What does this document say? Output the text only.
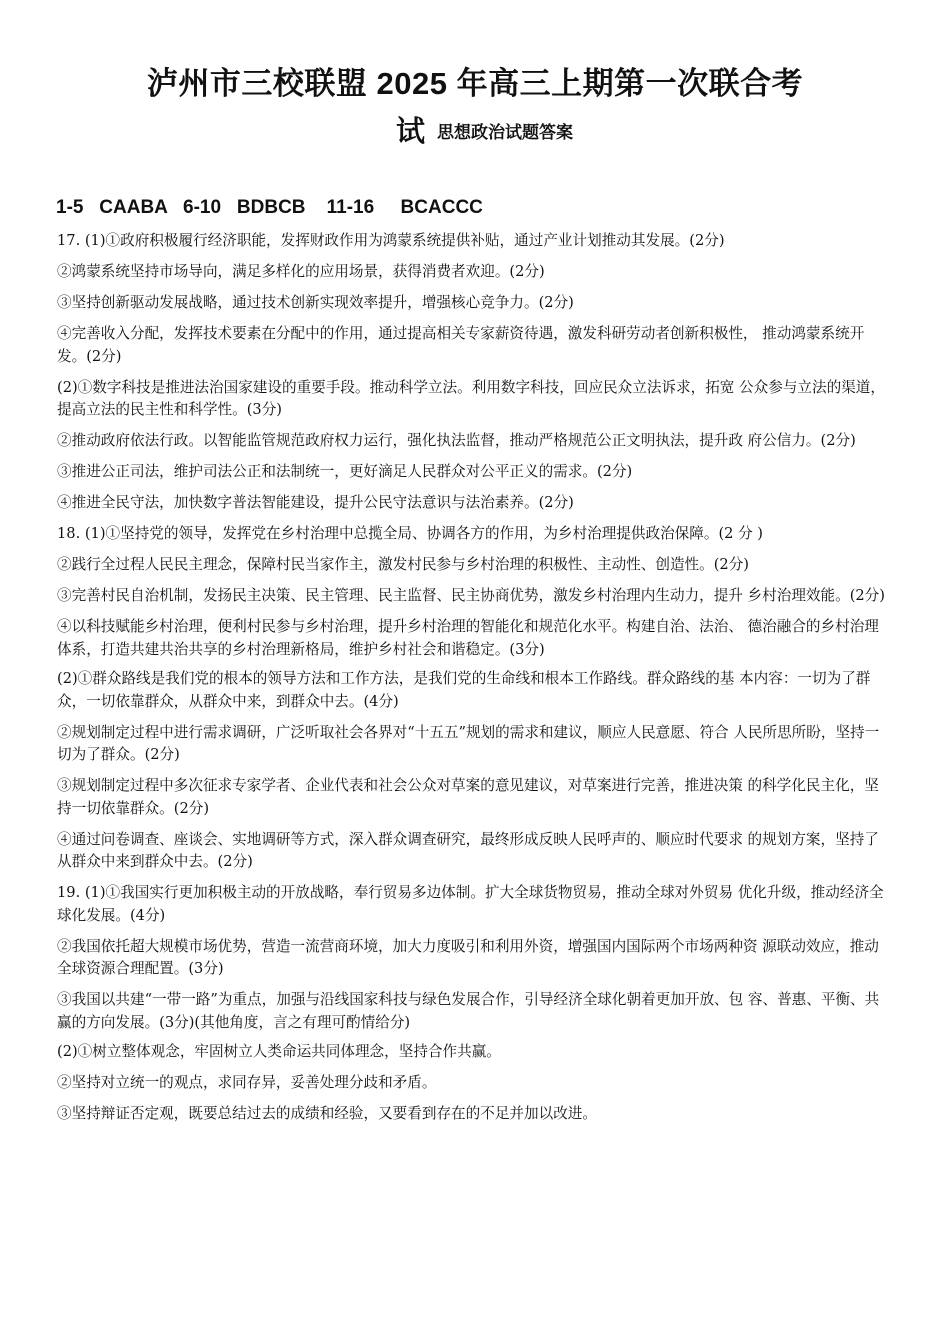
泸州市三校联盟 2025 年高三上期第一次联合考
试思想政治试题答案
1-5   CAABA   6-10   BDBCB    11-16     BCACCC

17. (1)①政府积极履行经济职能，发挥财政作用为鸿蒙系统提供补贴，通过产业计划推动其发展。(2分)

②鸿蒙系统坚持市场导向，满足多样化的应用场景，获得消费者欢迎。(2分)

③坚持创新驱动发展战略，通过技术创新实现效率提升，增强核心竞争力。(2分)

④完善收入分配，发挥技术要素在分配中的作用，通过提高相关专家薪资待遇，激发科研劳动者创新积极性， 推动鸿蒙系统开发。(2分)

(2)①数字科技是推进法治国家建设的重要手段。推动科学立法。利用数字科技，回应民众立法诉求，拓宽 公众参与立法的渠道，提高立法的民主性和科学性。(3分)

②推动政府依法行政。以智能监管规范政府权力运行，强化执法监督，推动严格规范公正文明执法，提升政 府公信力。(2分)

③推进公正司法，维护司法公正和法制统一，更好滴足人民群众对公平正义的需求。(2分)

④推进全民守法，加快数字普法智能建设，提升公民守法意识与法治素养。(2分)

18. (1)①坚持党的领导，发挥党在乡村治理中总揽全局、协调各方的作用，为乡村治理提供政治保障。(2 分 )

②践行全过程人民民主理念，保障村民当家作主，激发村民参与乡村治理的积极性、主动性、创造性。(2分)

③完善村民自治机制，发扬民主决策、民主管理、民主监督、民主协商优势，激发乡村治理内生动力，提升 乡村治理效能。(2分)

④以科技赋能乡村治理，便利村民参与乡村治理，提升乡村治理的智能化和规范化水平。构建自治、法治、 德治融合的乡村治理体系，打造共建共治共享的乡村治理新格局，维护乡村社会和谐稳定。(3分)

(2)①群众路线是我们党的根本的领导方法和工作方法，是我们党的生命线和根本工作路线。群众路线的基 本内容：一切为了群众，一切依靠群众，从群众中来，到群众中去。(4分)

②规划制定过程中进行需求调研，广泛听取社会各界对“十五五”规划的需求和建议，顺应人民意愿、符合 人民所思所盼，坚持一切为了群众。(2分)

③规划制定过程中多次征求专家学者、企业代表和社会公众对草案的意见建议，对草案进行完善，推进决策 的科学化民主化，坚持一切依靠群众。(2分)

④通过问卷调查、座谈会、实地调研等方式，深入群众调查研究，最终形成反映人民呼声的、顺应时代要求 的规划方案，坚持了从群众中来到群众中去。(2分)

19. (1)①我国实行更加积极主动的开放战略，奉行贸易多边体制。扩大全球货物贸易，推动全球对外贸易 优化升级，推动经济全球化发展。(4分)

②我国依托超大规模市场优势，营造一流营商环境，加大力度吸引和利用外资，增强国内国际两个市场两种资 源联动效应，推动全球资源合理配置。(3分)

③我国以共建“一带一路”为重点，加强与沿线国家科技与绿色发展合作，引导经济全球化朝着更加开放、包 容、普惠、平衡、共赢的方向发展。(3分)(其他角度，言之有理可酌情给分)

(2)①树立整体观念，牢固树立人类命运共同体理念，坚持合作共赢。

②坚持对立统一的观点，求同存异，妥善处理分歧和矛盾。

③坚持辩证否定观，既要总结过去的成绩和经验，又要看到存在的不足并加以改进。
